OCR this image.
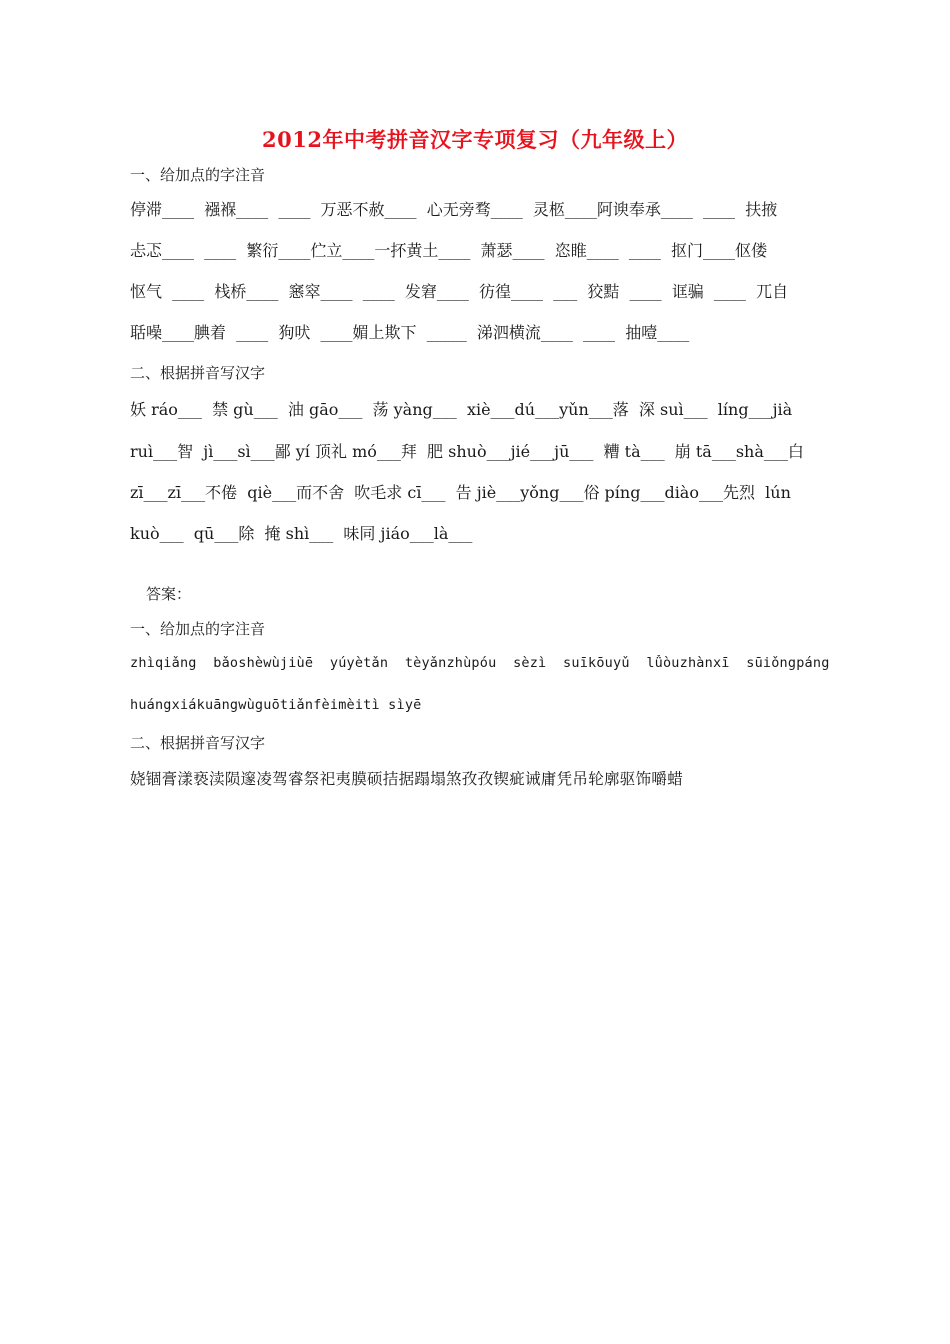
2012年中考拼音汉字专项复习（九年级上）
一、给加点的字注音
停滞____  襁褓____  ____  万恶不赦____  心无旁骛____  灵柩____阿谀奉承____  ____  扶掖
忐忑____  ____  繁衍____伫立____一抔黄土____  萧瑟____  恣睢____  ____  抠门____伛偻
怄气  ____  栈桥____  窸窣____  ____  发窘____  彷徨____  ___  狡黠  ____  诓骗  ____  兀自
聒噪____腆着  ____  狗吠  ____媚上欺下  _____  涕泗横流____  ____  抽噎____
二、根据拼音写汉字
妖 ráo___  禁 gù___  油 gāo___  荡 yàng___  xiè___dú___yǔn___落  深 suì___  líng___jià
ruì___智  jì___sì___鄙 yí 顶礼 mó___拜  肥 shuò___jié___jū___  糟 tà___  崩 tā___shà___白
zī___zī___不倦  qiè___而不舍  吹毛求 cī___  告 jiè___yǒng___俗 píng___diào___先烈  lún
kuò___  qū___除  掩 shì___  味同 jiáo___là___
答案：
一、给加点的字注音
zhìqiǎng  bǎoshèwùjiùē  yúyètǎn  tèyǎnzhùpóu  sèzì  suīkōuyǔ  lǚòuzhànxī  sūiǒngpáng
huángxiákuāngwùguōtiǎnfèimèitì sìyē
二、根据拼音写汉字
娆锢膏漾亵渎陨邃凌驾睿祭祀夷膜硕拮据蹋塌煞孜孜锲疵诫庸凭吊轮廓驱饰嚼蜡
